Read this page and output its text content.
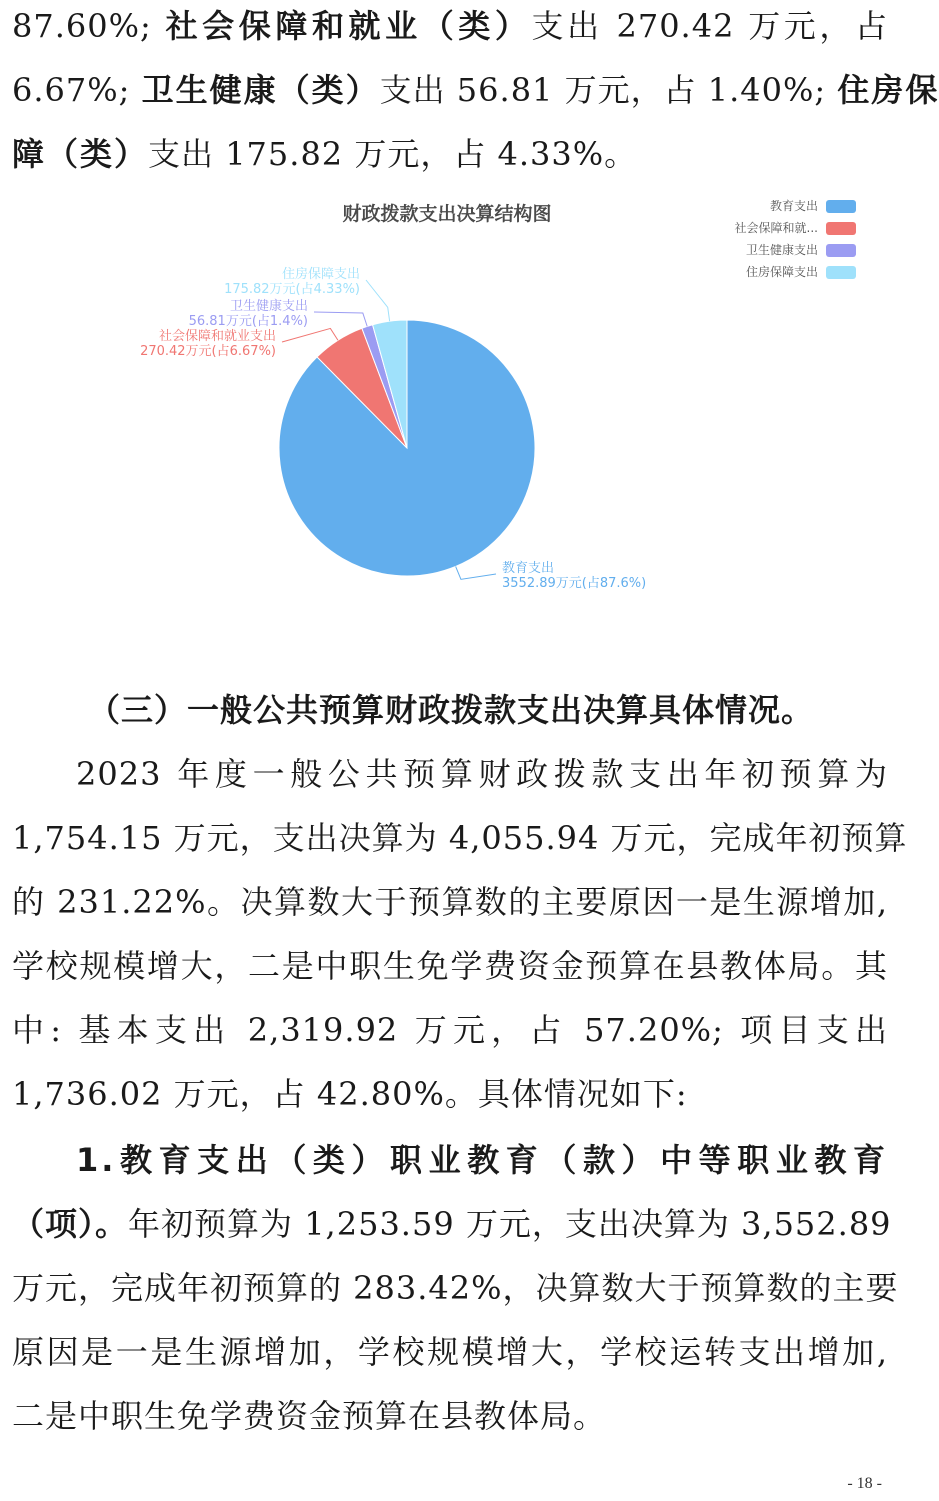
87.60%; 社会保障和就业（类）支出 270.42 万元，占
6.67%; 卫生健康（类）支出 56.81 万元，占 1.40%; 住房保
障（类）支出 175.82 万元，占 4.33%。
财政拨款支出决算结构图
教育支出
3552.89万元(占87.6%)
社会保障和就业支出
270.42万元(占6.67%)
卫生健康支出
56.81万元(占1.4%)
住房保障支出
175.82万元(占4.33%)
教育支出
社会保障和就...
卫生健康支出
住房保障支出
（三）一般公共预算财政拨款支出决算具体情况。
2023 年度一般公共预算财政拨款支出年初预算为
1,754.15 万元，支出决算为 4,055.94 万元，完成年初预算
的 231.22%。决算数大于预算数的主要原因一是生源增加,
学校规模增大，二是中职生免学费资金预算在县教体局。其
中: 基本支出 2,319.92 万元，占 57.20%; 项目支出
1,736.02 万元，占 42.80%。具体情况如下:
1.教育支出（类）职业教育（款）中等职业教育
（项）。年初预算为 1,253.59 万元，支出决算为 3,552.89
万元，完成年初预算的 283.42%，决算数大于预算数的主要
原因是一是生源增加，学校规模增大，学校运转支出增加,
二是中职生免学费资金预算在县教体局。
- 18 -
